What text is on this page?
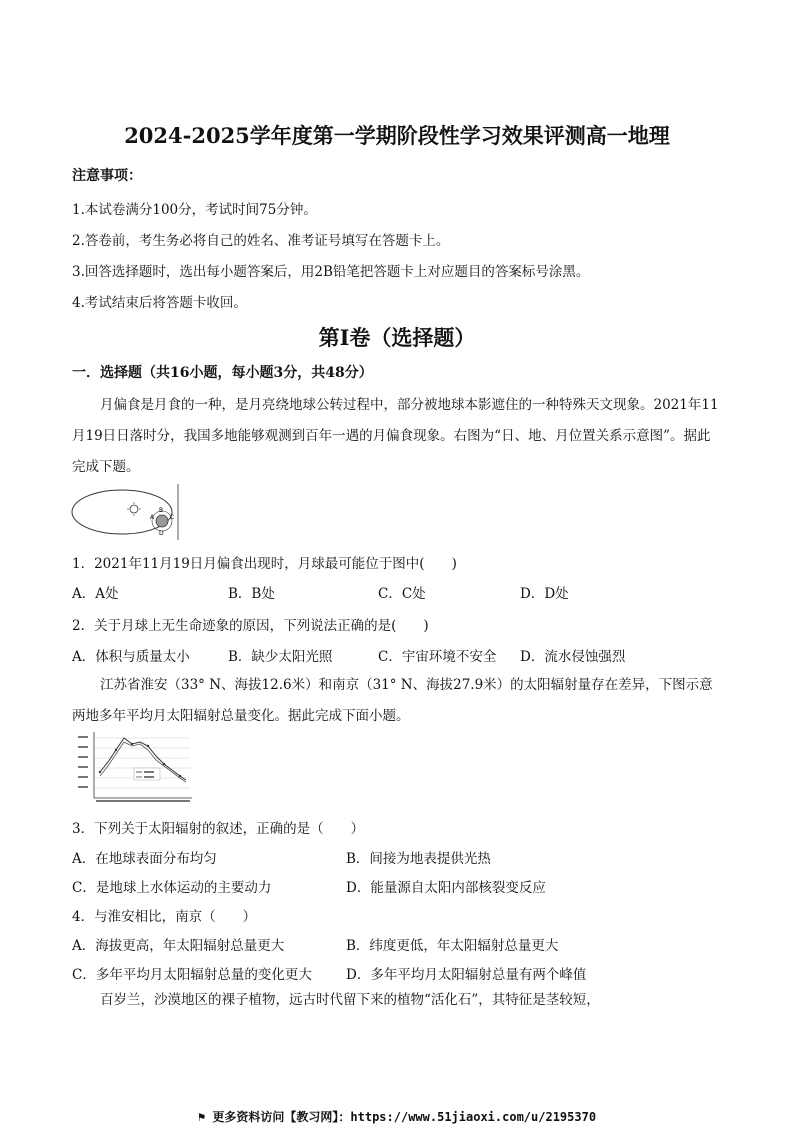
2024-2025学年度第一学期阶段性学习效果评测高一地理
注意事项：
1.本试卷满分100分，考试时间75分钟。
2.答卷前，考生务必将自己的姓名、准考证号填写在答题卡上。
3.回答选择题时，选出每小题答案后，用2B铅笔把答题卡上对应题目的答案标号涂黑。
4.考试结束后将答题卡收回。
第I卷（选择题）
一．选择题（共16小题，每小题3分，共48分）
月偏食是月食的一种，是月亮绕地球公转过程中，部分被地球本影遮住的一种特殊天文现象。2021年11月19日日落时分，我国多地能够观测到百年一遇的月偏食现象。右图为“日、地、月位置关系示意图”。据此完成下题。
A
B
C
D
1．2021年11月19日月偏食出现时，月球最可能位于图中(　　)
A．A处	B．B处	C．C处	D．D处
2．关于月球上无生命迹象的原因，下列说法正确的是(　　)
A．体积与质量太小	B．缺少太阳光照	C．宇宙环境不安全 D．流水侵蚀强烈
江苏省淮安（33° N、海拔12.6米）和南京（31° N、海拔27.9米）的太阳辐射量存在差异，下图示意两地多年平均月太阳辐射总量变化。据此完成下面小题。
3．下列关于太阳辐射的叙述，正确的是（　　）
A．在地球表面分布均匀	B．间接为地表提供光热
C．是地球上水体运动的主要动力	D．能量源自太阳内部核裂变反应
4．与淮安相比，南京（　　）
A．海拔更高，年太阳辐射总量更大	B．纬度更低，年太阳辐射总量更大
C．多年平均月太阳辐射总量的变化更大	D．多年平均月太阳辐射总量有两个峰值
百岁兰，沙漠地区的裸子植物，远古时代留下来的植物“活化石”，其特征是茎较短，
⚑ 更多资料访问【教习网】：https://www.51jiaoxi.com/u/2195370
